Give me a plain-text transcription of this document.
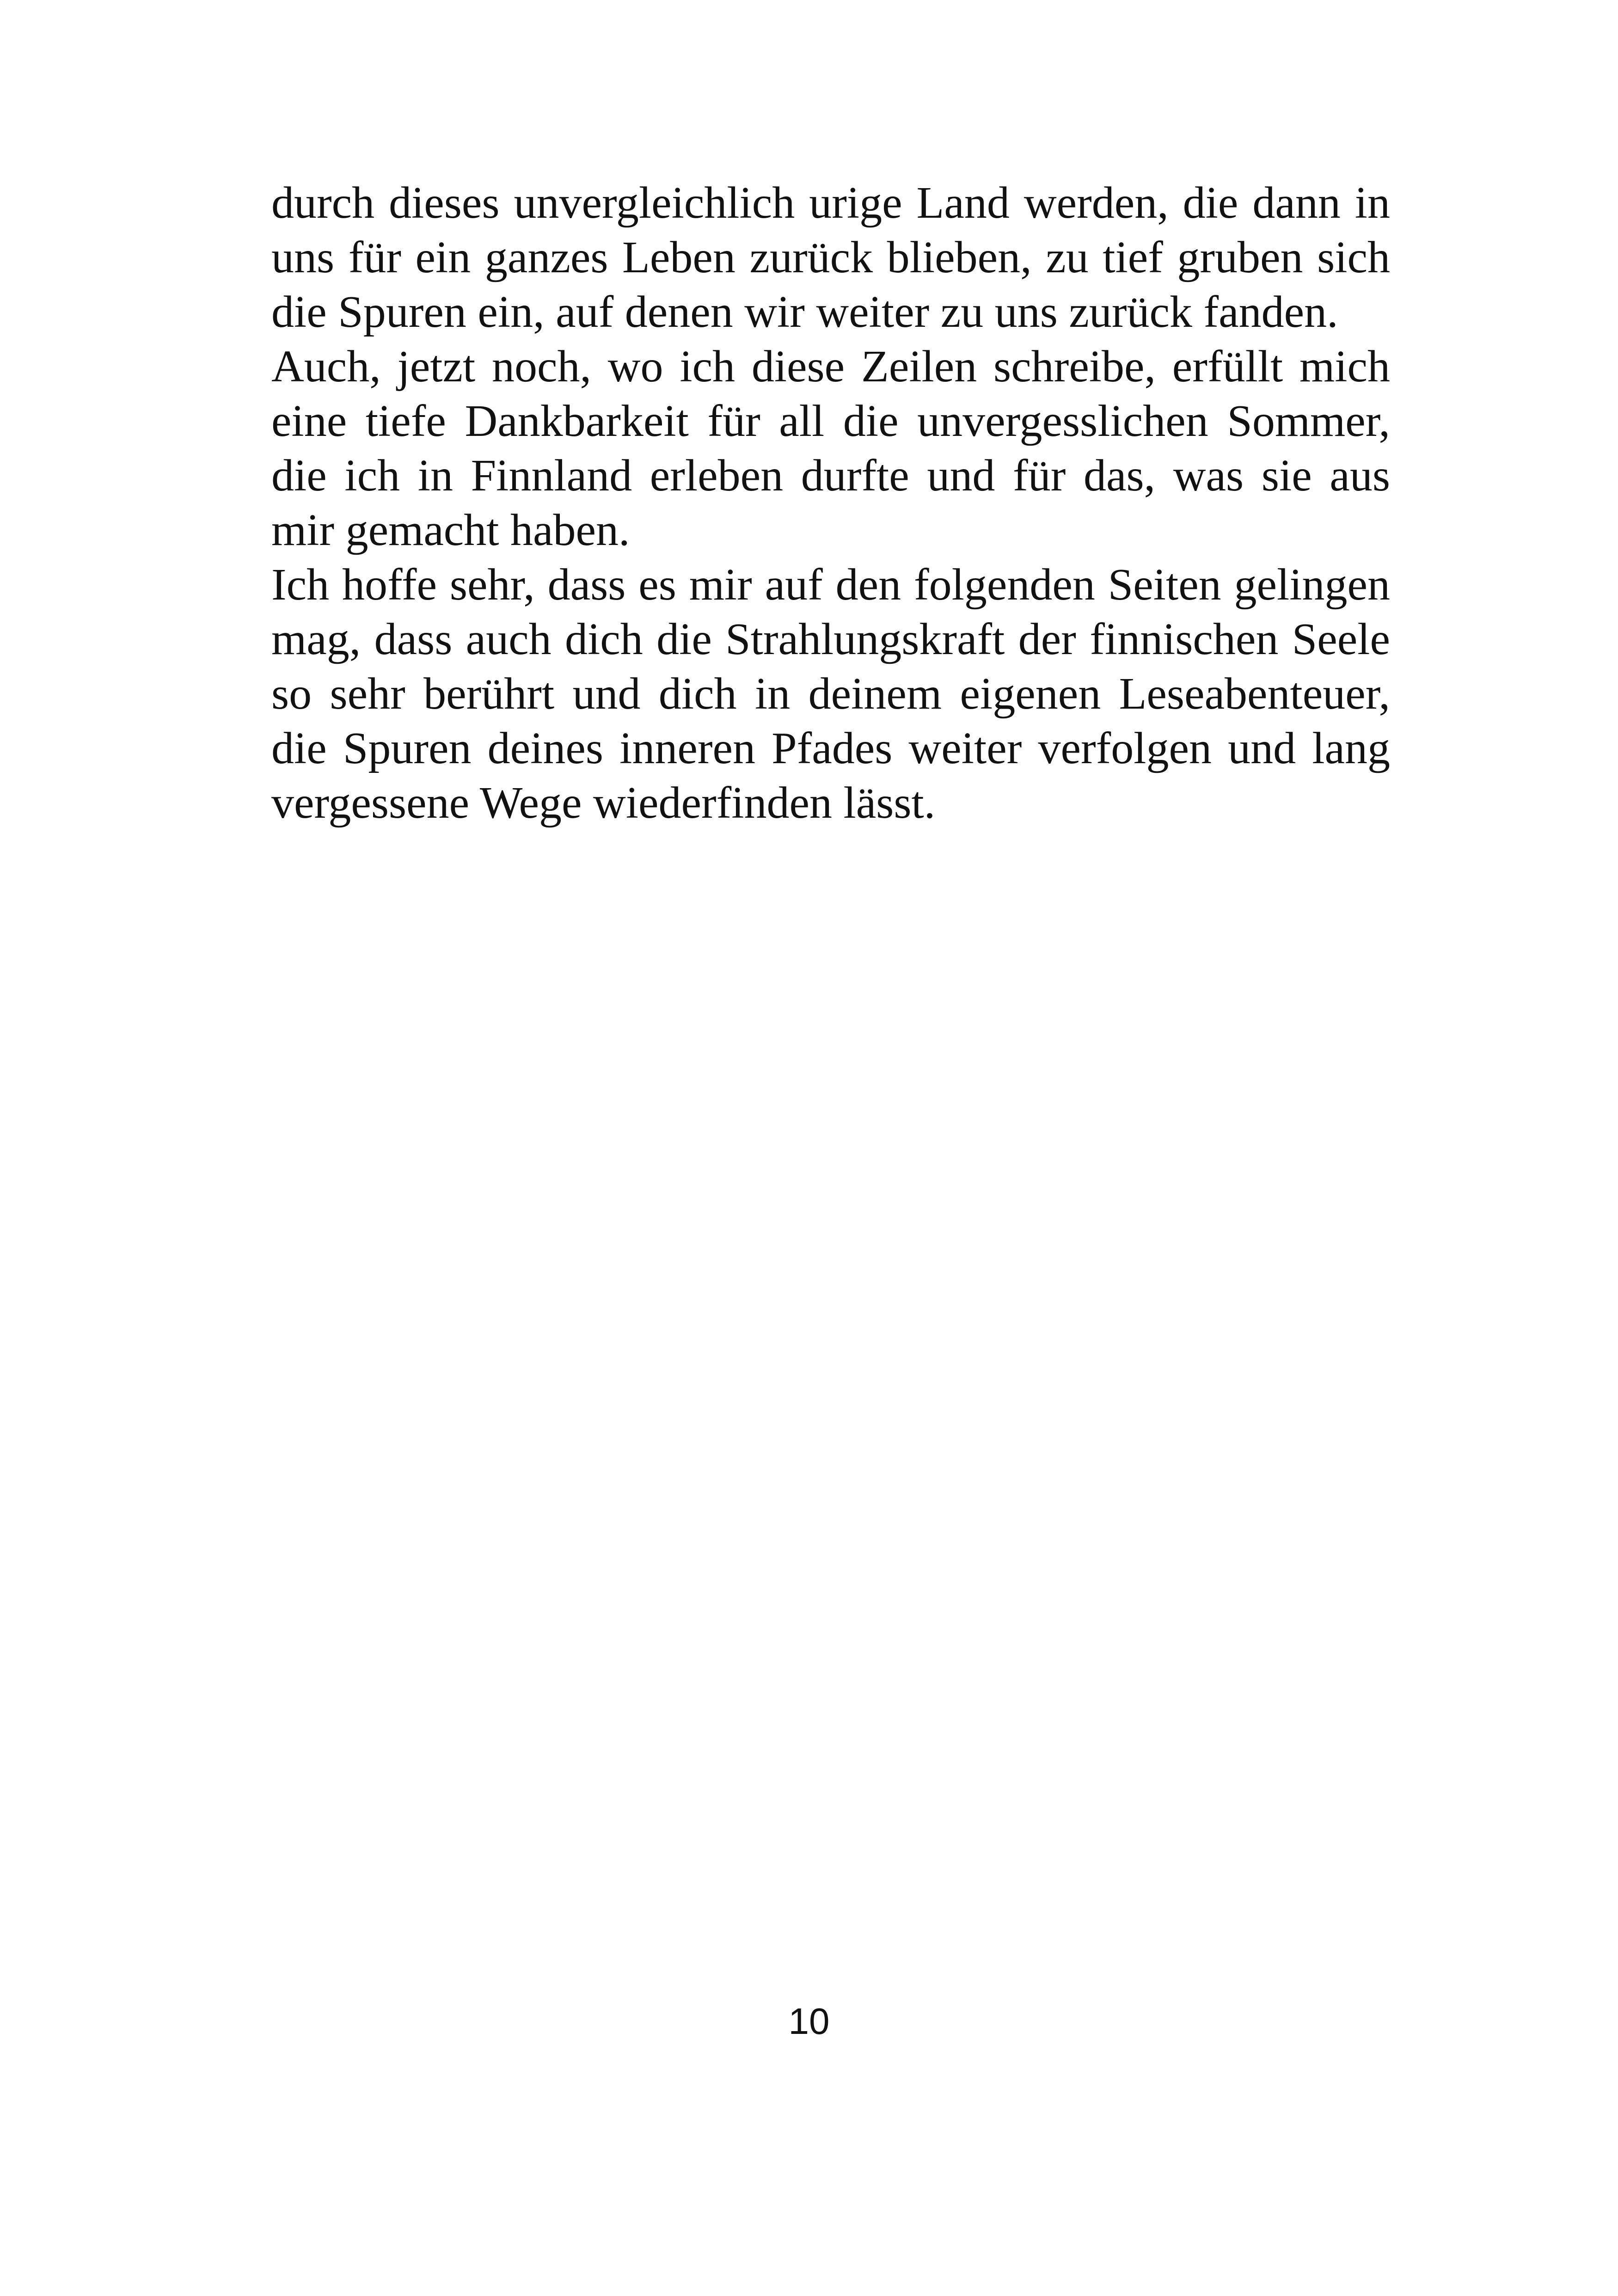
durch dieses unvergleichlich urige Land werden, die dann in uns für ein ganzes Leben zurück blieben, zu tief gruben sich die Spuren ein, auf denen wir weiter zu uns zurück fanden.

Auch, jetzt noch, wo ich diese Zeilen schreibe, erfüllt mich eine tiefe Dankbarkeit für all die unvergesslichen Sommer, die ich in Finnland erleben durfte und für das, was sie aus mir gemacht haben.

Ich hoffe sehr, dass es mir auf den folgenden Seiten gelingen mag, dass auch dich die Strahlungskraft der finnischen Seele so sehr berührt und dich in deinem eigenen Leseabenteuer, die Spuren deines inneren Pfades weiter verfolgen und lang vergessene Wege wiederfinden lässt.

10
